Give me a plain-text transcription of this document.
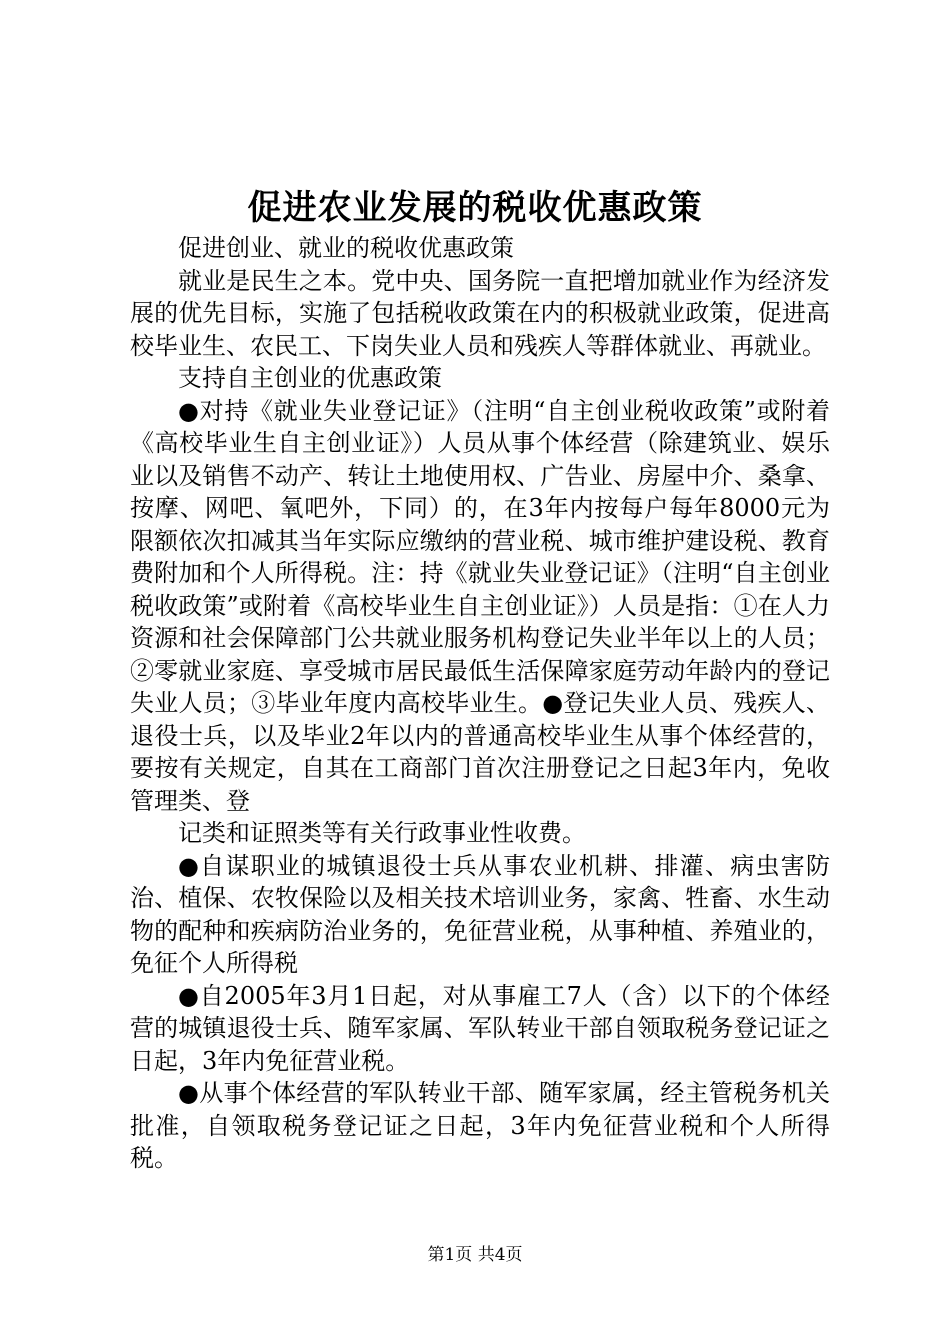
促进农业发展的税收优惠政策

促进创业、就业的税收优惠政策

就业是民生之本。党中央、国务院一直把增加就业作为经济发展的优先目标，实施了包括税收政策在内的积极就业政策，促进高校毕业生、农民工、下岗失业人员和残疾人等群体就业、再就业。

支持自主创业的优惠政策

●对持《就业失业登记证》（注明“自主创业税收政策”或附着《高校毕业生自主创业证》）人员从事个体经营（除建筑业、娱乐业以及销售不动产、转让土地使用权、广告业、房屋中介、桑拿、按摩、网吧、氧吧外，下同）的，在3年内按每户每年8000元为限额依次扣减其当年实际应缴纳的营业税、城市维护建设税、教育费附加和个人所得税。注：持《就业失业登记证》（注明“自主创业税收政策”或附着《高校毕业生自主创业证》）人员是指：①在人力资源和社会保障部门公共就业服务机构登记失业半年以上的人员；②零就业家庭、享受城市居民最低生活保障家庭劳动年龄内的登记失业人员；③毕业年度内高校毕业生。●登记失业人员、残疾人、退役士兵，以及毕业2年以内的普通高校毕业生从事个体经营的，要按有关规定，自其在工商部门首次注册登记之日起3年内，免收管理类、登

记类和证照类等有关行政事业性收费。

●自谋职业的城镇退役士兵从事农业机耕、排灌、病虫害防治、植保、农牧保险以及相关技术培训业务，家禽、牲畜、水生动物的配种和疾病防治业务的，免征营业税，从事种植、养殖业的，免征个人所得税

●自2005年3月1日起，对从事雇工7人（含）以下的个体经营的城镇退役士兵、随军家属、军队转业干部自领取税务登记证之日起，3年内免征营业税。

●从事个体经营的军队转业干部、随军家属，经主管税务机关批准，自领取税务登记证之日起，3年内免征营业税和个人所得税。

第1页 共4页
